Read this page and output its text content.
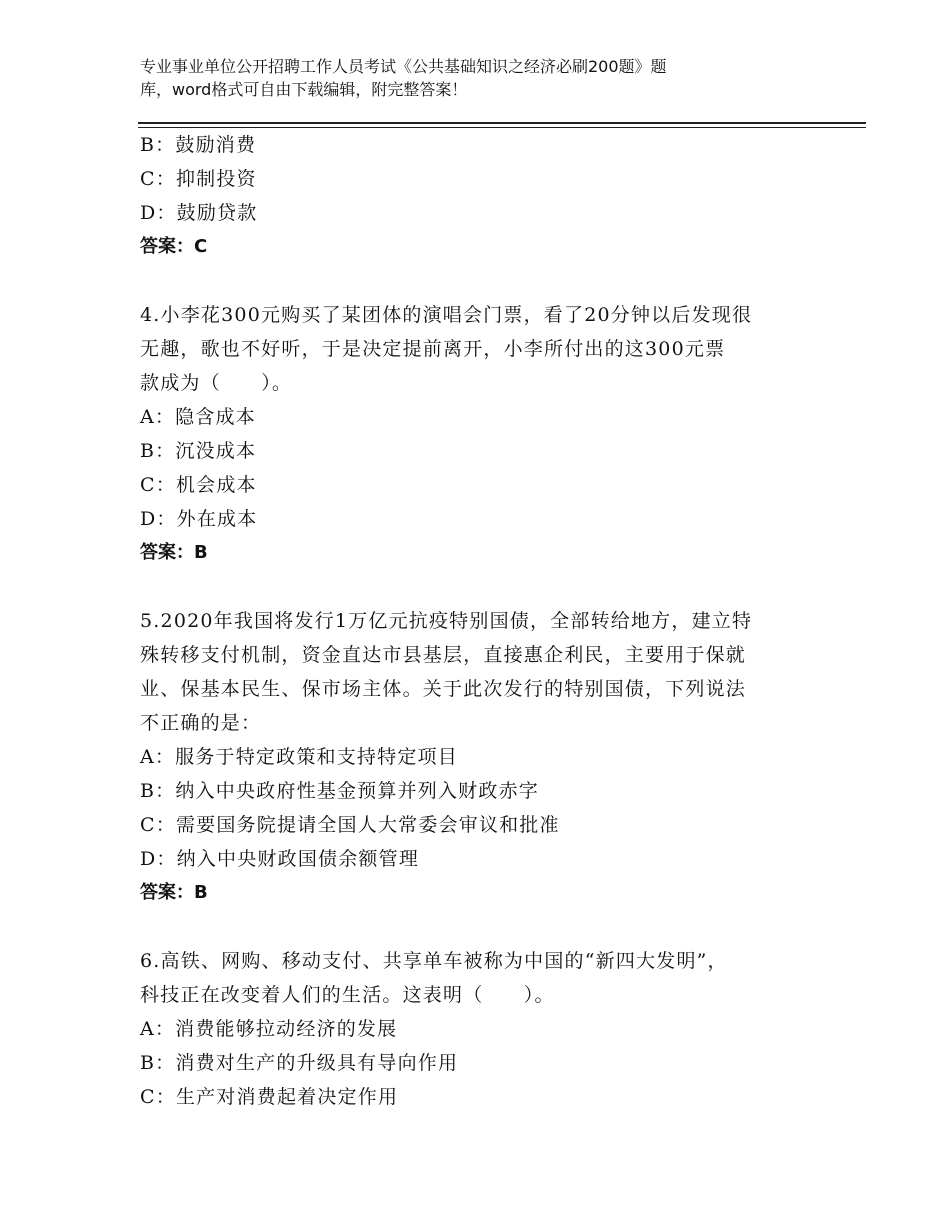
专业事业单位公开招聘工作人员考试《公共基础知识之经济必刷200题》题
库，word格式可自由下载编辑，附完整答案！
B：鼓励消费
C：抑制投资
D：鼓励贷款
答案：C
4.小李花300元购买了某团体的演唱会门票，看了20分钟以后发现很
无趣，歌也不好听，于是决定提前离开，小李所付出的这300元票
款成为（　　）。
A：隐含成本
B：沉没成本
C：机会成本
D：外在成本
答案：B
5.2020年我国将发行1万亿元抗疫特别国债，全部转给地方，建立特
殊转移支付机制，资金直达市县基层，直接惠企利民，主要用于保就
业、保基本民生、保市场主体。关于此次发行的特别国债，下列说法
不正确的是：
A：服务于特定政策和支持特定项目
B：纳入中央政府性基金预算并列入财政赤字
C：需要国务院提请全国人大常委会审议和批准
D：纳入中央财政国债余额管理
答案：B
6.高铁、网购、移动支付、共享单车被称为中国的“新四大发明”，
科技正在改变着人们的生活。这表明（　　）。
A：消费能够拉动经济的发展
B：消费对生产的升级具有导向作用
C：生产对消费起着决定作用
